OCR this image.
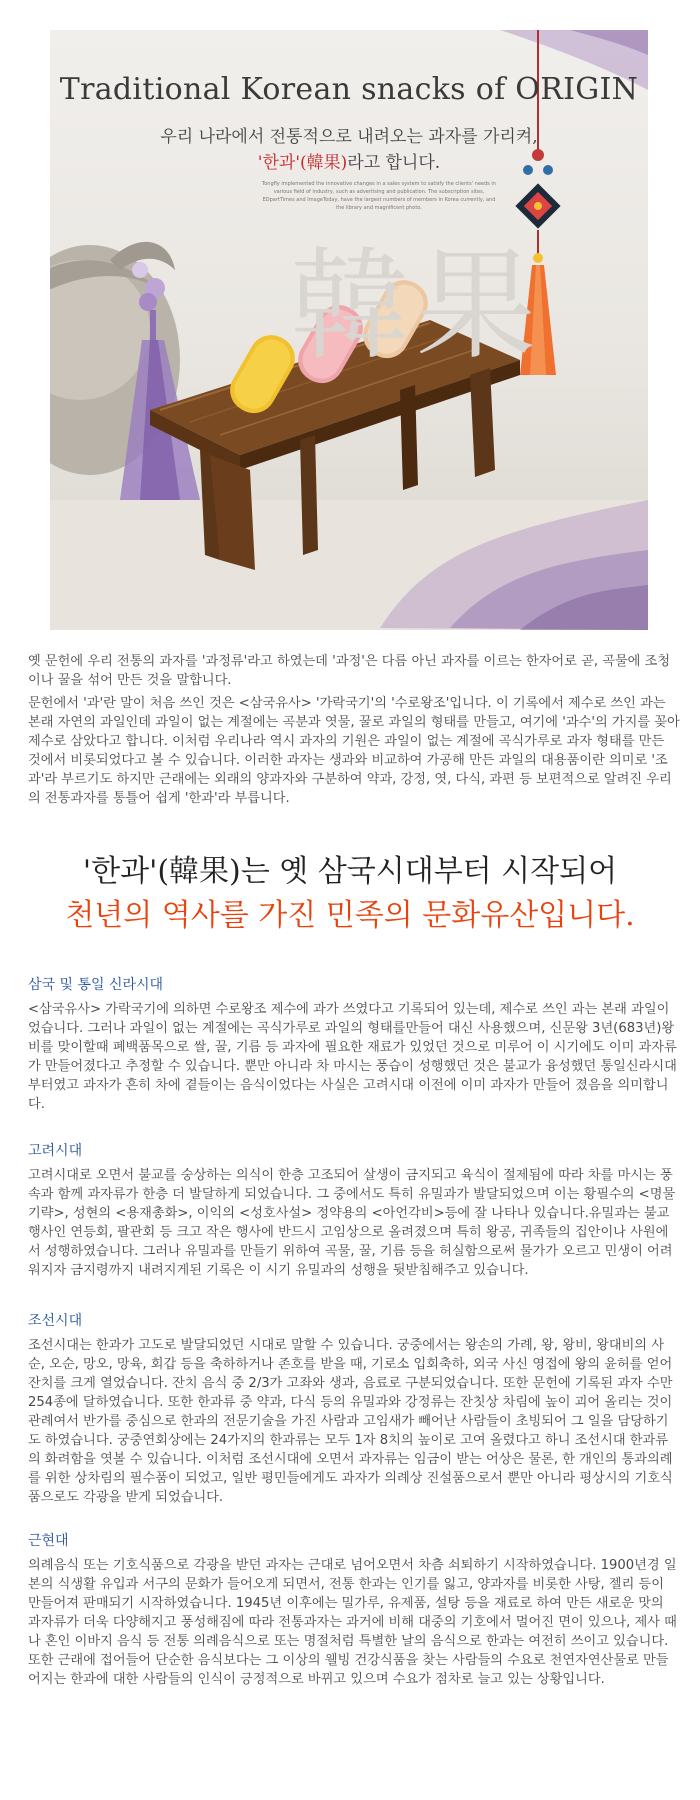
韓果
Traditional Korean snacks of ORIGIN
우리 나라에서 전통적으로 내려오는 과자를 가리켜,
'한과'(韓果)라고 합니다.
Tongfly implemented the innovative changes in a sales system to satisfy the clients' needs in various field of industry, such as advertising and publication. The subscription sites, EDpartTimes and ImageToday, have the largest numbers of members in Korea currently, and the library and magnificent photo.

옛 문헌에 우리 전통의 과자를 '과정류'라고 하였는데 '과정'은 다름 아닌 과자를 이르는 한자어로 곧, 곡물에 조청이나 꿀을 섞어 만든 것을 말합니다.

문헌에서 '과'란 말이 처음 쓰인 것은 <삼국유사> '가락국기'의 '수로왕조'입니다. 이 기록에서 제수로 쓰인 과는 본래 자연의 과일인데 과일이 없는 계절에는 곡분과 엿물, 꿀로 과일의 형태를 만들고, 여기에 '과수'의 가지를 꽂아 제수로 삼았다고 합니다. 이처럼 우리나라 역시 과자의 기원은 과일이 없는 계절에 곡식가루로 과자 형태를 만든 것에서 비롯되었다고 볼 수 있습니다. 이러한 과자는 생과와 비교하여 가공해 만든 과일의 대용품이란 의미로 '조과'라 부르기도 하지만 근래에는 외래의 양과자와 구분하여 약과, 강정, 엿, 다식, 과편 등 보편적으로 알려진 우리의 전통과자를 통틀어 쉽게 '한과'라 부릅니다.

'한과'(韓果)는 옛 삼국시대부터 시작되어
천년의 역사를 가진 민족의 문화유산입니다.
삼국 및 통일 신라시대

<삼국유사> 가락국기에 의하면 수로왕조 제수에 과가 쓰였다고 기록되어 있는데, 제수로 쓰인 과는 본래 과일이었습니다. 그러나 과일이 없는 계절에는 곡식가루로 과일의 형태를만들어 대신 사용했으며, 신문왕 3년(683년)왕비를 맞이할때 폐백품목으로 쌀, 꿀, 기름 등 과자에 필요한 재료가 있었던 것으로 미루어 이 시기에도 이미 과자류가 만들어졌다고 추정할 수 있습니다. 뿐만 아니라 차 마시는 풍습이 성행했던 것은 불교가 융성했던 통일신라시대부터였고 과자가 흔히 차에 곁들이는 음식이었다는 사실은 고려시대 이전에 이미 과자가 만들어 졌음을 의미합니다.

고려시대

고려시대로 오면서 불교를 숭상하는 의식이 한층 고조되어 살생이 금지되고 육식이 절제됨에 따라 차를 마시는 풍속과 함께 과자류가 한층 더 발달하게 되었습니다. 그 중에서도 특히 유밀과가 발달되었으며 이는 황필수의 <명물기략>, 성현의 <용재총화>, 이익의 <성호사설> 정약용의 <아언각비>등에 잘 나타나 있습니다.유밀과는 불교행사인 연등회, 팔관회 등 크고 작은 행사에 반드시 고임상으로 올려졌으며 특히 왕공, 귀족들의 집안이나 사원에서 성행하였습니다. 그러나 유밀과를 만들기 위하여 곡물, 꿀, 기름 등을 허실함으로써 물가가 오르고 민생이 어려워지자 금지령까지 내려지게된 기록은 이 시기 유밀과의 성행을 뒷받침해주고 있습니다.

조선시대

조선시대는 한과가 고도로 발달되었던 시대로 말할 수 있습니다. 궁중에서는 왕손의 가례, 왕, 왕비, 왕대비의 사순, 오순, 망오, 망육, 회갑 등을 축하하거나 존호를 받을 때, 기로소 입회축하, 외국 사신 영접에 왕의 윤허를 얻어 잔치를 크게 열었습니다. 잔치 음식 중 2/3가 고좌와 생과, 음료로 구분되었습니다. 또한 문헌에 기록된 과자 수만 254종에 달하였습니다. 또한 한과류 중 약과, 다식 등의 유밀과와 강정류는 잔칫상 차림에 높이 괴어 올리는 것이 관례여서 반가를 중심으로 한과의 전문기술을 가진 사람과 고임새가 빼어난 사람들이 초빙되어 그 일을 담당하기도 하였습니다. 궁중연회상에는 24가지의 한과류는 모두 1자 8치의 높이로 고여 올렸다고 하니 조선시대 한과류의 화려함을 엿볼 수 있습니다. 이처럼 조선시대에 오면서 과자류는 임금이 받는 어상은 물론, 한 개인의 통과의례를 위한 상차림의 필수품이 되었고, 일반 평민들에게도 과자가 의례상 진설품으로서 뿐만 아니라 평상시의 기호식품으로도 각광을 받게 되었습니다.

근현대

의례음식 또는 기호식품으로 각광을 받던 과자는 근대로 넘어오면서 차츰 쇠퇴하기 시작하였습니다. 1900년경 일본의 식생활 유입과 서구의 문화가 들어오게 되면서, 전통 한과는 인기를 잃고, 양과자를 비롯한 사탕, 젤리 등이 만들어져 판매되기 시작하였습니다. 1945년 이후에는 밀가루, 유제품, 설탕 등을 재료로 하여 만든 새로운 맛의 과자류가 더욱 다양해지고 풍성해짐에 따라 전통과자는 과거에 비해 대중의 기호에서 멀어진 면이 있으나, 제사 때나 혼인 이바지 음식 등 전통 의례음식으로 또는 명절처럼 특별한 날의 음식으로 한과는 여전히 쓰이고 있습니다. 또한 근래에 접어들어 단순한 음식보다는 그 이상의 웰빙 건강식품을 찾는 사람들의 수요로 천연자연산물로 만들어지는 한과에 대한 사람들의 인식이 긍정적으로 바뀌고 있으며 수요가 점차로 늘고 있는 상황입니다.
